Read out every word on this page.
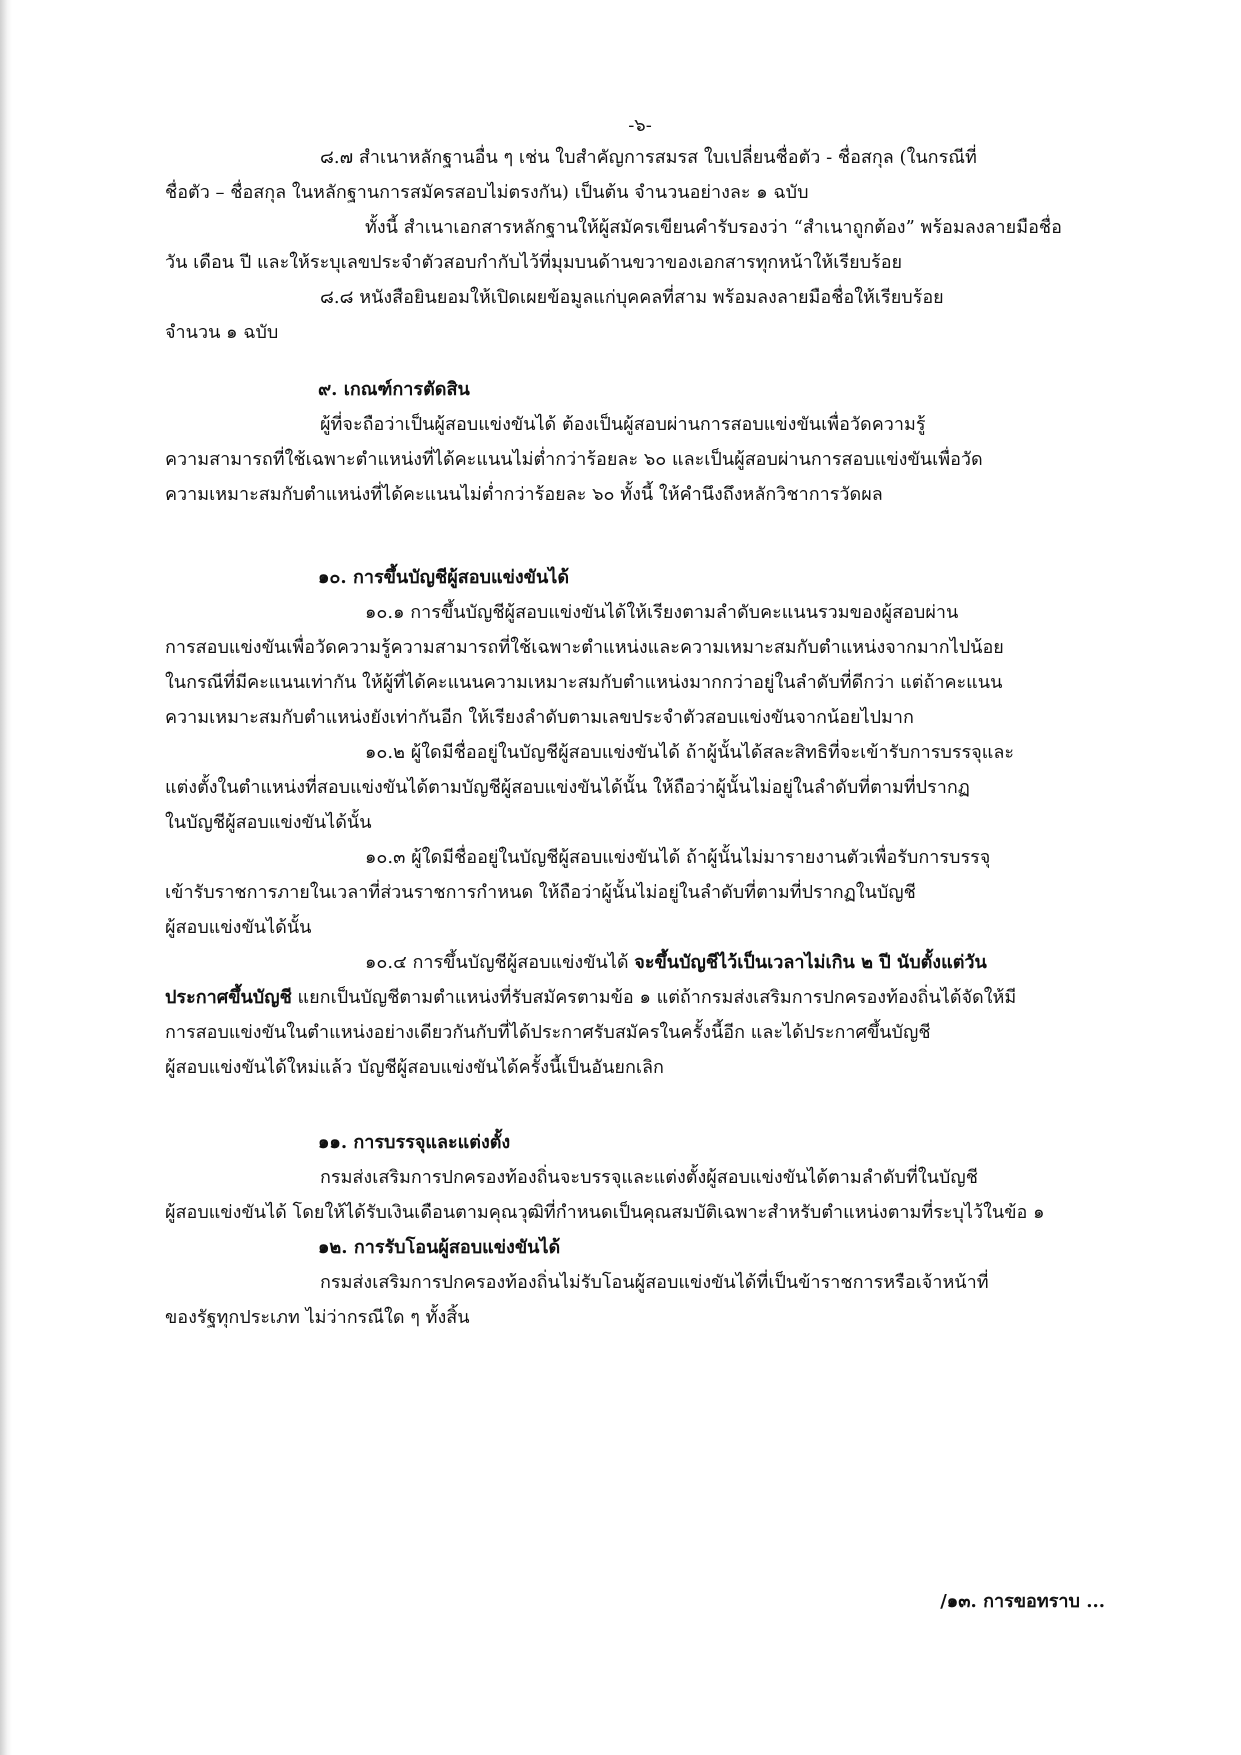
-๖-
๘.๗ สำเนาหลักฐานอื่น ๆ เช่น ใบสำคัญการสมรส ใบเปลี่ยนชื่อตัว - ชื่อสกุล (ในกรณีที่
ชื่อตัว – ชื่อสกุล ในหลักฐานการสมัครสอบไม่ตรงกัน) เป็นต้น จำนวนอย่างละ ๑ ฉบับ
ทั้งนี้ สำเนาเอกสารหลักฐานให้ผู้สมัครเขียนคำรับรองว่า “สำเนาถูกต้อง” พร้อมลงลายมือชื่อ
วัน เดือน ปี และให้ระบุเลขประจำตัวสอบกำกับไว้ที่มุมบนด้านขวาของเอกสารทุกหน้าให้เรียบร้อย
๘.๘ หนังสือยินยอมให้เปิดเผยข้อมูลแก่บุคคลที่สาม พร้อมลงลายมือชื่อให้เรียบร้อย
จำนวน ๑ ฉบับ
๙. เกณฑ์การตัดสิน
ผู้ที่จะถือว่าเป็นผู้สอบแข่งขันได้ ต้องเป็นผู้สอบผ่านการสอบแข่งขันเพื่อวัดความรู้
ความสามารถที่ใช้เฉพาะตำแหน่งที่ได้คะแนนไม่ต่ำกว่าร้อยละ ๖๐ และเป็นผู้สอบผ่านการสอบแข่งขันเพื่อวัด
ความเหมาะสมกับตำแหน่งที่ได้คะแนนไม่ต่ำกว่าร้อยละ ๖๐ ทั้งนี้ ให้คำนึงถึงหลักวิชาการวัดผล
๑๐. การขึ้นบัญชีผู้สอบแข่งขันได้
๑๐.๑ การขึ้นบัญชีผู้สอบแข่งขันได้ให้เรียงตามลำดับคะแนนรวมของผู้สอบผ่าน
การสอบแข่งขันเพื่อวัดความรู้ความสามารถที่ใช้เฉพาะตำแหน่งและความเหมาะสมกับตำแหน่งจากมากไปน้อย
ในกรณีที่มีคะแนนเท่ากัน ให้ผู้ที่ได้คะแนนความเหมาะสมกับตำแหน่งมากกว่าอยู่ในลำดับที่ดีกว่า แต่ถ้าคะแนน
ความเหมาะสมกับตำแหน่งยังเท่ากันอีก ให้เรียงลำดับตามเลขประจำตัวสอบแข่งขันจากน้อยไปมาก
๑๐.๒ ผู้ใดมีชื่ออยู่ในบัญชีผู้สอบแข่งขันได้ ถ้าผู้นั้นได้สละสิทธิที่จะเข้ารับการบรรจุและ
แต่งตั้งในตำแหน่งที่สอบแข่งขันได้ตามบัญชีผู้สอบแข่งขันได้นั้น ให้ถือว่าผู้นั้นไม่อยู่ในลำดับที่ตามที่ปรากฏ
ในบัญชีผู้สอบแข่งขันได้นั้น
๑๐.๓ ผู้ใดมีชื่ออยู่ในบัญชีผู้สอบแข่งขันได้ ถ้าผู้นั้นไม่มารายงานตัวเพื่อรับการบรรจุ
เข้ารับราชการภายในเวลาที่ส่วนราชการกำหนด ให้ถือว่าผู้นั้นไม่อยู่ในลำดับที่ตามที่ปรากฏในบัญชี
ผู้สอบแข่งขันได้นั้น
๑๐.๔ การขึ้นบัญชีผู้สอบแข่งขันได้ จะขึ้นบัญชีไว้เป็นเวลาไม่เกิน ๒ ปี นับตั้งแต่วัน
ประกาศขึ้นบัญชี แยกเป็นบัญชีตามตำแหน่งที่รับสมัครตามข้อ ๑ แต่ถ้ากรมส่งเสริมการปกครองท้องถิ่นได้จัดให้มี
การสอบแข่งขันในตำแหน่งอย่างเดียวกันกับที่ได้ประกาศรับสมัครในครั้งนี้อีก และได้ประกาศขึ้นบัญชี
ผู้สอบแข่งขันได้ใหม่แล้ว บัญชีผู้สอบแข่งขันได้ครั้งนี้เป็นอันยกเลิก
๑๑. การบรรจุและแต่งตั้ง
กรมส่งเสริมการปกครองท้องถิ่นจะบรรจุและแต่งตั้งผู้สอบแข่งขันได้ตามลำดับที่ในบัญชี
ผู้สอบแข่งขันได้ โดยให้ได้รับเงินเดือนตามคุณวุฒิที่กำหนดเป็นคุณสมบัติเฉพาะสำหรับตำแหน่งตามที่ระบุไว้ในข้อ ๑
๑๒. การรับโอนผู้สอบแข่งขันได้
กรมส่งเสริมการปกครองท้องถิ่นไม่รับโอนผู้สอบแข่งขันได้ที่เป็นข้าราชการหรือเจ้าหน้าที่
ของรัฐทุกประเภท ไม่ว่ากรณีใด ๆ ทั้งสิ้น
/๑๓. การขอทราบ ...
